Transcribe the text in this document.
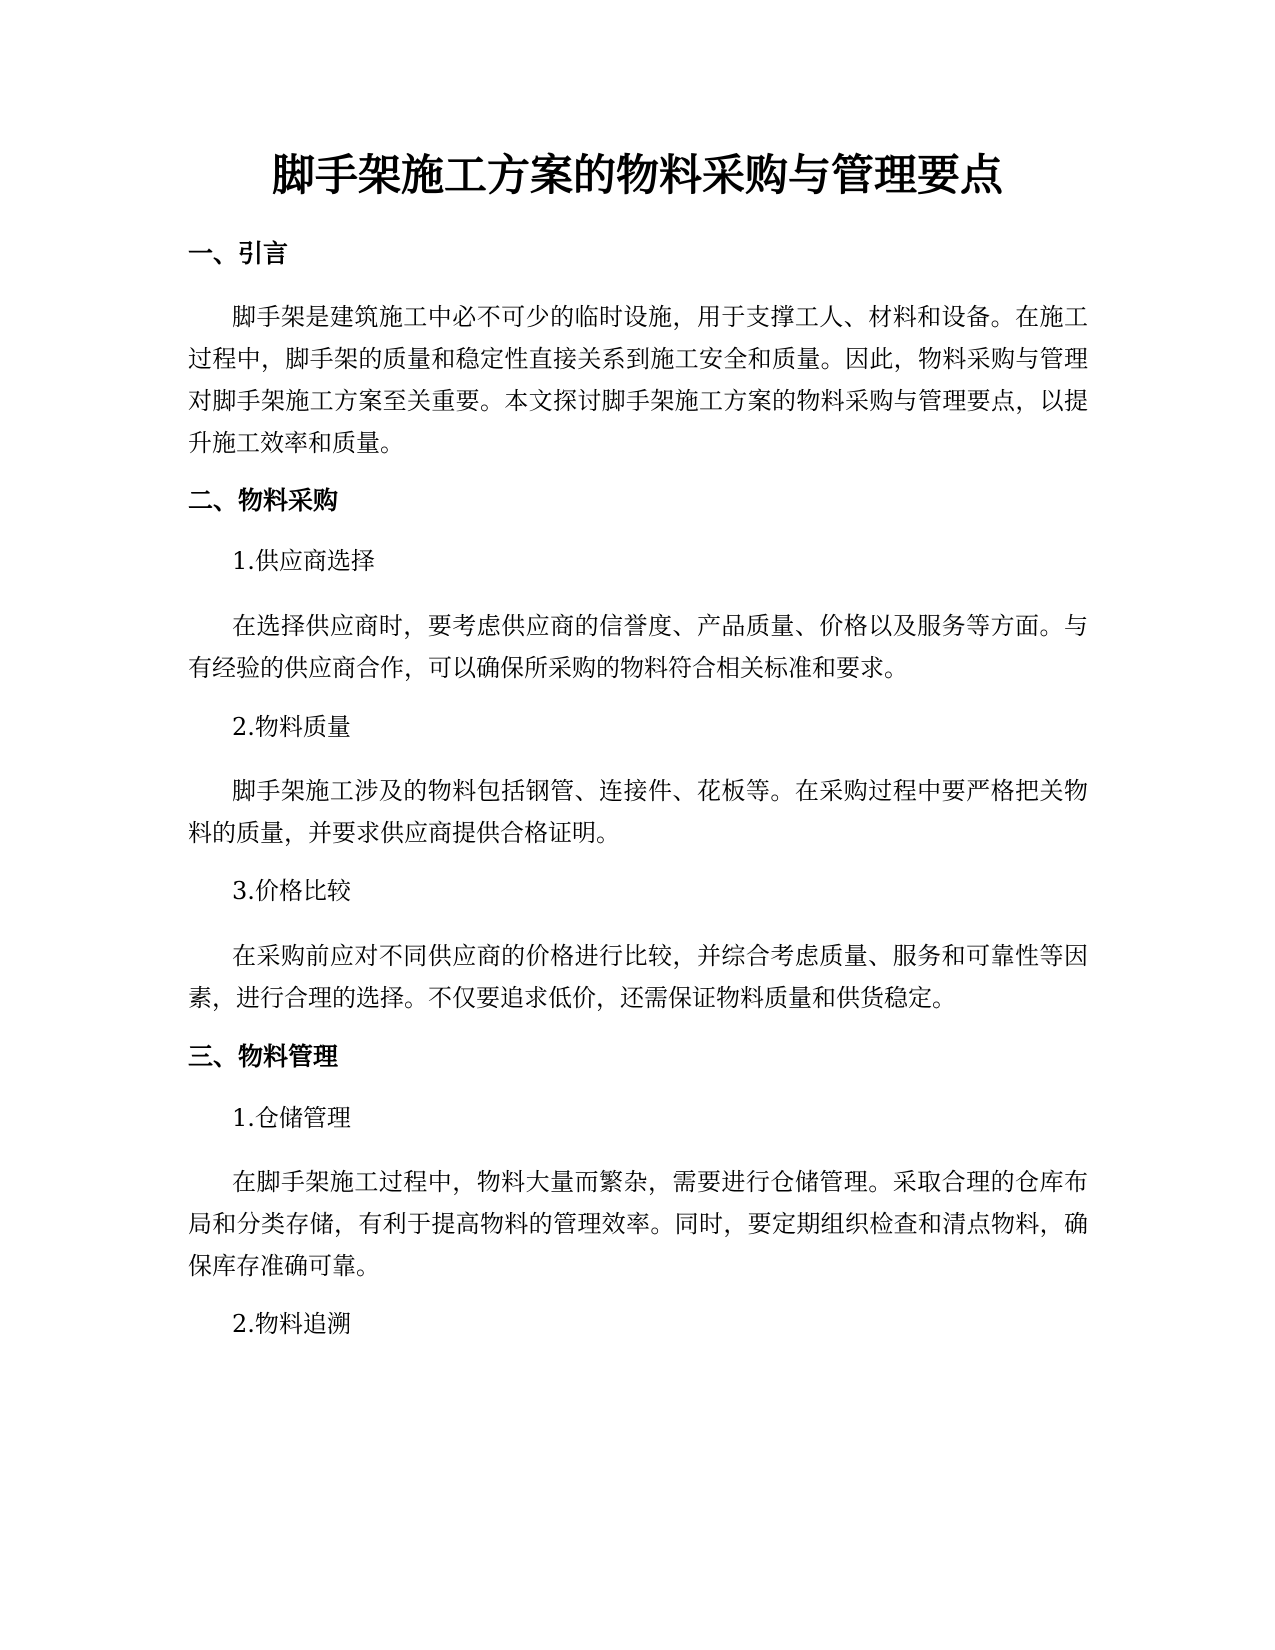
脚手架施工方案的物料采购与管理要点
一、引言

脚手架是建筑施工中必不可少的临时设施，用于支撑工人、材料和设备。在施工过程中，脚手架的质量和稳定性直接关系到施工安全和质量。因此，物料采购与管理对脚手架施工方案至关重要。本文探讨脚手架施工方案的物料采购与管理要点，以提升施工效率和质量。

二、物料采购

1.供应商选择

在选择供应商时，要考虑供应商的信誉度、产品质量、价格以及服务等方面。与有经验的供应商合作，可以确保所采购的物料符合相关标准和要求。

2.物料质量

脚手架施工涉及的物料包括钢管、连接件、花板等。在采购过程中要严格把关物料的质量，并要求供应商提供合格证明。

3.价格比较

在采购前应对不同供应商的价格进行比较，并综合考虑质量、服务和可靠性等因素，进行合理的选择。不仅要追求低价，还需保证物料质量和供货稳定。

三、物料管理

1.仓储管理

在脚手架施工过程中，物料大量而繁杂，需要进行仓储管理。采取合理的仓库布局和分类存储，有利于提高物料的管理效率。同时，要定期组织检查和清点物料，确保库存准确可靠。

2.物料追溯
